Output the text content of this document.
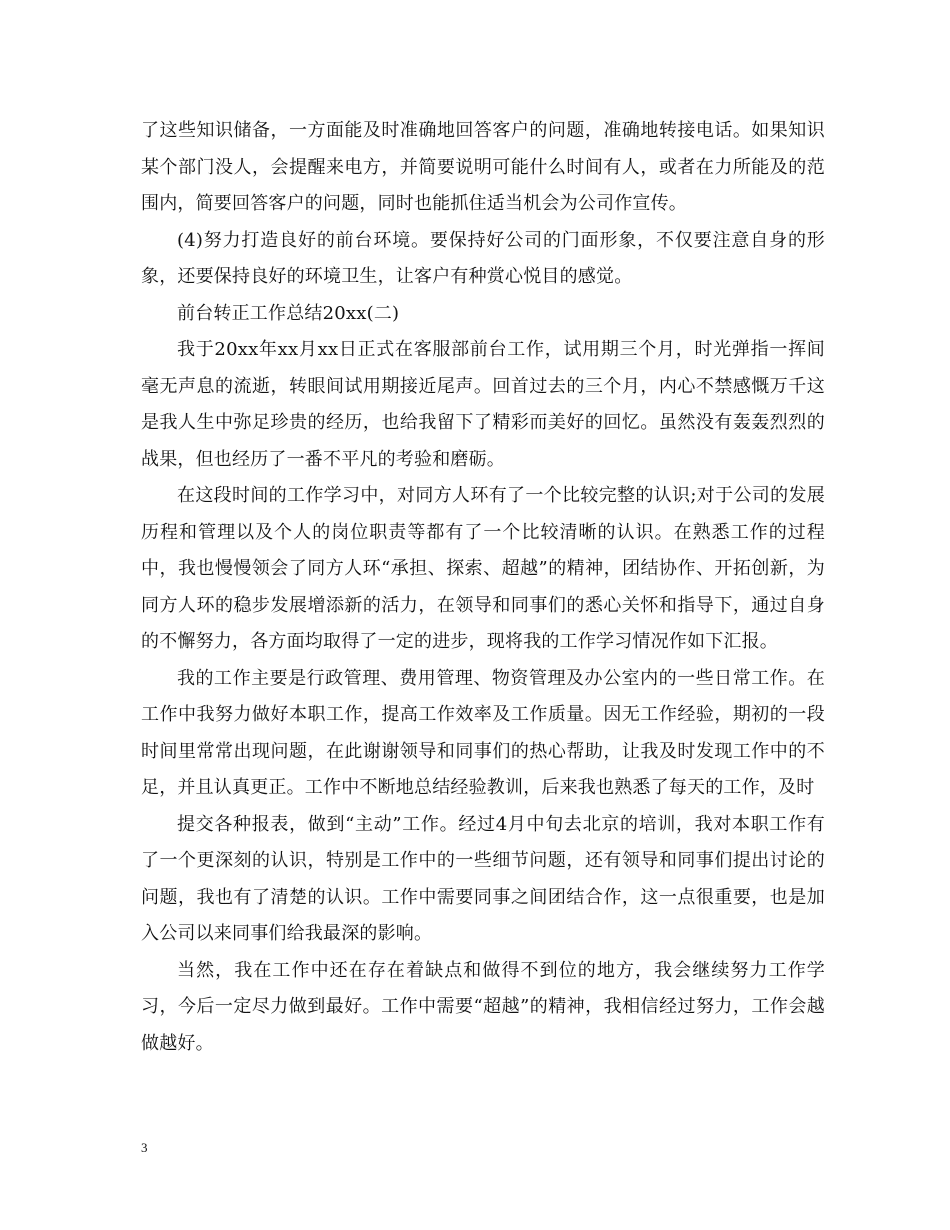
了这些知识储备，一方面能及时准确地回答客户的问题，准确地转接电话。如果知识某个部门没人，会提醒来电方，并简要说明可能什么时间有人，或者在力所能及的范围内，简要回答客户的问题，同时也能抓住适当机会为公司作宣传。

(4)努力打造良好的前台环境。要保持好公司的门面形象，不仅要注意自身的形象，还要保持良好的环境卫生，让客户有种赏心悦目的感觉。

前台转正工作总结20xx(二)

我于20xx年xx月xx日正式在客服部前台工作，试用期三个月，时光弹指一挥间毫无声息的流逝，转眼间试用期接近尾声。回首过去的三个月，内心不禁感慨万千这是我人生中弥足珍贵的经历，也给我留下了精彩而美好的回忆。虽然没有轰轰烈烈的战果，但也经历了一番不平凡的考验和磨砺。

在这段时间的工作学习中，对同方人环有了一个比较完整的认识;对于公司的发展历程和管理以及个人的岗位职责等都有了一个比较清晰的认识。在熟悉工作的过程中，我也慢慢领会了同方人环“承担、探索、超越”的精神，团结协作、开拓创新，为同方人环的稳步发展增添新的活力，在领导和同事们的悉心关怀和指导下，通过自身的不懈努力，各方面均取得了一定的进步，现将我的工作学习情况作如下汇报。

我的工作主要是行政管理、费用管理、物资管理及办公室内的一些日常工作。在工作中我努力做好本职工作，提高工作效率及工作质量。因无工作经验，期初的一段时间里常常出现问题，在此谢谢领导和同事们的热心帮助，让我及时发现工作中的不足，并且认真更正。工作中不断地总结经验教训，后来我也熟悉了每天的工作，及时

提交各种报表，做到“主动”工作。经过4月中旬去北京的培训，我对本职工作有了一个更深刻的认识，特别是工作中的一些细节问题，还有领导和同事们提出讨论的问题，我也有了清楚的认识。工作中需要同事之间团结合作，这一点很重要，也是加入公司以来同事们给我最深的影响。

当然，我在工作中还在存在着缺点和做得不到位的地方，我会继续努力工作学习，今后一定尽力做到最好。工作中需要“超越”的精神，我相信经过努力，工作会越做越好。

3
